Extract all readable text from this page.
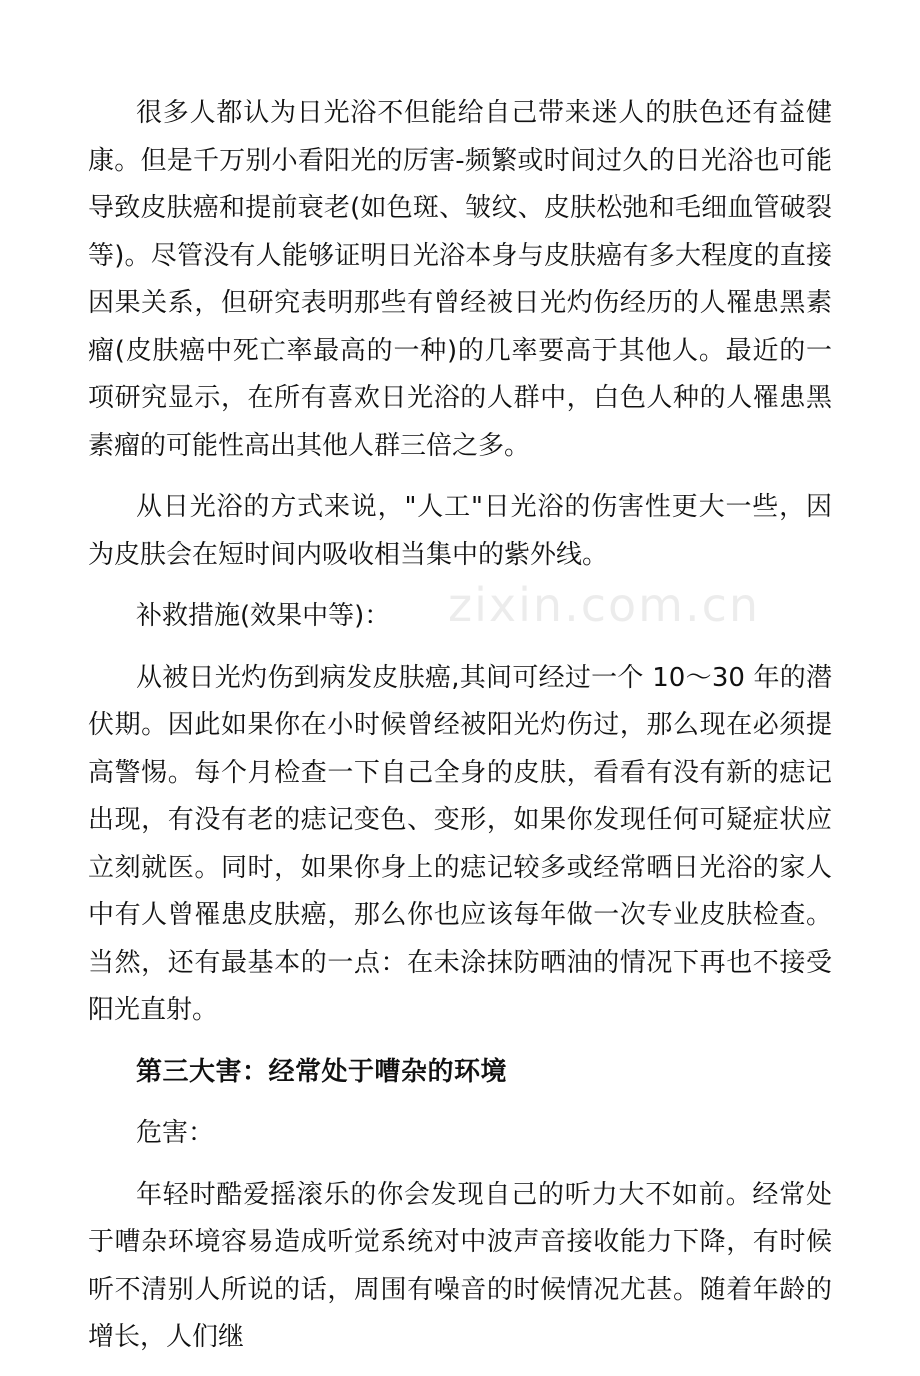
zixin.com.cn

很多人都认为日光浴不但能给自己带来迷人的肤色还有益健康。但是千万别小看阳光的厉害-频繁或时间过久的日光浴也可能导致皮肤癌和提前衰老(如色斑、皱纹、皮肤松弛和毛细血管破裂等)。尽管没有人能够证明日光浴本身与皮肤癌有多大程度的直接因果关系，但研究表明那些有曾经被日光灼伤经历的人罹患黑素瘤(皮肤癌中死亡率最高的一种)的几率要高于其他人。最近的一项研究显示，在所有喜欢日光浴的人群中，白色人种的人罹患黑素瘤的可能性高出其他人群三倍之多。

从日光浴的方式来说，"人工"日光浴的伤害性更大一些，因为皮肤会在短时间内吸收相当集中的紫外线。

补救措施(效果中等)：

从被日光灼伤到病发皮肤癌,其间可经过一个 10～30 年的潜伏期。因此如果你在小时候曾经被阳光灼伤过，那么现在必须提高警惕。每个月检查一下自己全身的皮肤，看看有没有新的痣记出现，有没有老的痣记变色、变形，如果你发现任何可疑症状应立刻就医。同时，如果你身上的痣记较多或经常晒日光浴的家人中有人曾罹患皮肤癌，那么你也应该每年做一次专业皮肤检查。当然，还有最基本的一点：在未涂抹防晒油的情况下再也不接受阳光直射。

第三大害：经常处于嘈杂的环境

危害：

年轻时酷爱摇滚乐的你会发现自己的听力大不如前。经常处于嘈杂环境容易造成听觉系统对中波声音接收能力下降，有时候听不清别人所说的话，周围有噪音的时候情况尤甚。随着年龄的增长，人们继
